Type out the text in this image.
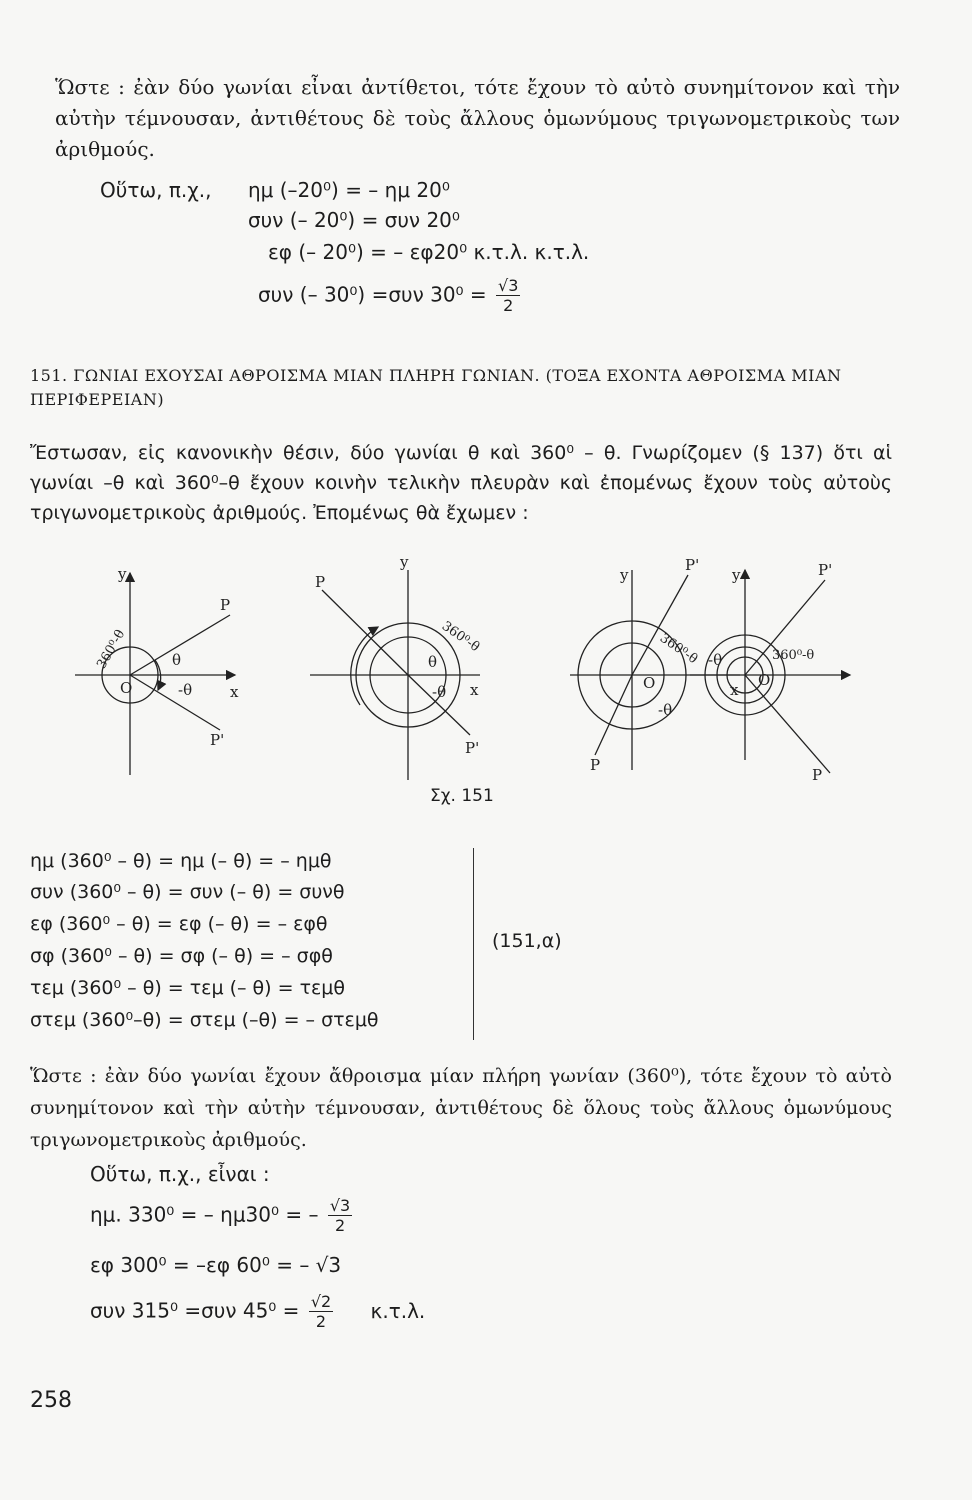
Ὥστε : ἐὰν δύο γωνίαι εἶναι ἀντίθετοι, τότε ἔχουν τὸ αὐτὸ συνημίτονον καὶ τὴν αὐτὴν τέμνουσαν, ἀντιθέτους δὲ τοὺς ἄλλους ὁμωνύμους τριγωνομετρικοὺς των ἀριθμούς.

Οὕτω, π.χ., ημ (–20⁰) = – ημ 20⁰
συν (– 20⁰) = συν 20⁰
εφ (– 20⁰) = – εφ20⁰ κ.τ.λ. κ.τ.λ.
συν (– 30⁰) =συν $30^0 = \frac{√3}{2}$
151. ΓΩΝΙΑΙ ΕΧΟΥΣΑΙ ΑΘΡΟΙΣΜΑ ΜΙΑΝ ΠΛΗΡΗ ΓΩΝΙΑΝ. (ΤΟΞΑ ΕΧΟΝΤΑ ΑΘΡΟΙΣΜΑ ΜΙΑΝ ΠΕΡΙΦΕΡΕΙΑΝ)
Ἔστωσαν, εἰς κανονικὴν θέσιν, δύο γωνίαι θ καὶ 360⁰ – θ. Γνωρίζομεν (§ 137) ὅτι αἱ γωνίαι –θ καὶ 360⁰–θ ἔχουν κοινὴν τελικὴν πλευρὰν καὶ ἐπομένως ἔχουν τοὺς αὐτοὺς τριγωνομετρικοὺς ἀριθμούς. Ἐπομένως θὰ ἔχωμεν :
y
x
O
P
P'
θ
-θ
360⁰-θ
y
x
θ
P
P'
-θ
360⁰-θ
y
x
O
P'
P
-θ
360⁰-θ
y	P'
-θ
O
360⁰-θ
P
Σχ. 151
ημ (360⁰ – θ) = ημ (– θ) = – ημθ
συν (360⁰ – θ) = συν (– θ) = συνθ
εφ (360⁰ – θ) = εφ (– θ) = – εφθ
σφ (360⁰ – θ) = σφ (– θ) = – σφθ
τεμ (360⁰ – θ) = τεμ (– θ) = τεμθ
στεμ (360⁰–θ) = στεμ (–θ) = – στεμθ
(151,α)
Ὥστε : ἐὰν δύο γωνίαι ἔχουν ἄθροισμα μίαν πλήρη γωνίαν (360⁰), τότε ἔχουν τὸ αὐτὸ συνημίτονον καὶ τὴν αὐτὴν τέμνουσαν, ἀντιθέτους δὲ ὅλους τοὺς ἄλλους ὁμωνύμους τριγωνομετρικοὺς ἀριθμούς.
Οὕτω, π.χ., εἶναι :
ημ. 330⁰ = – ημ30⁰ = – $\frac{√3}{2}$
εφ 300⁰ = –εφ 60⁰ = – √3
συν 315⁰ =συν $45^0 = \frac{√2}{2} \kappa.\tau.\lambda$.
258
